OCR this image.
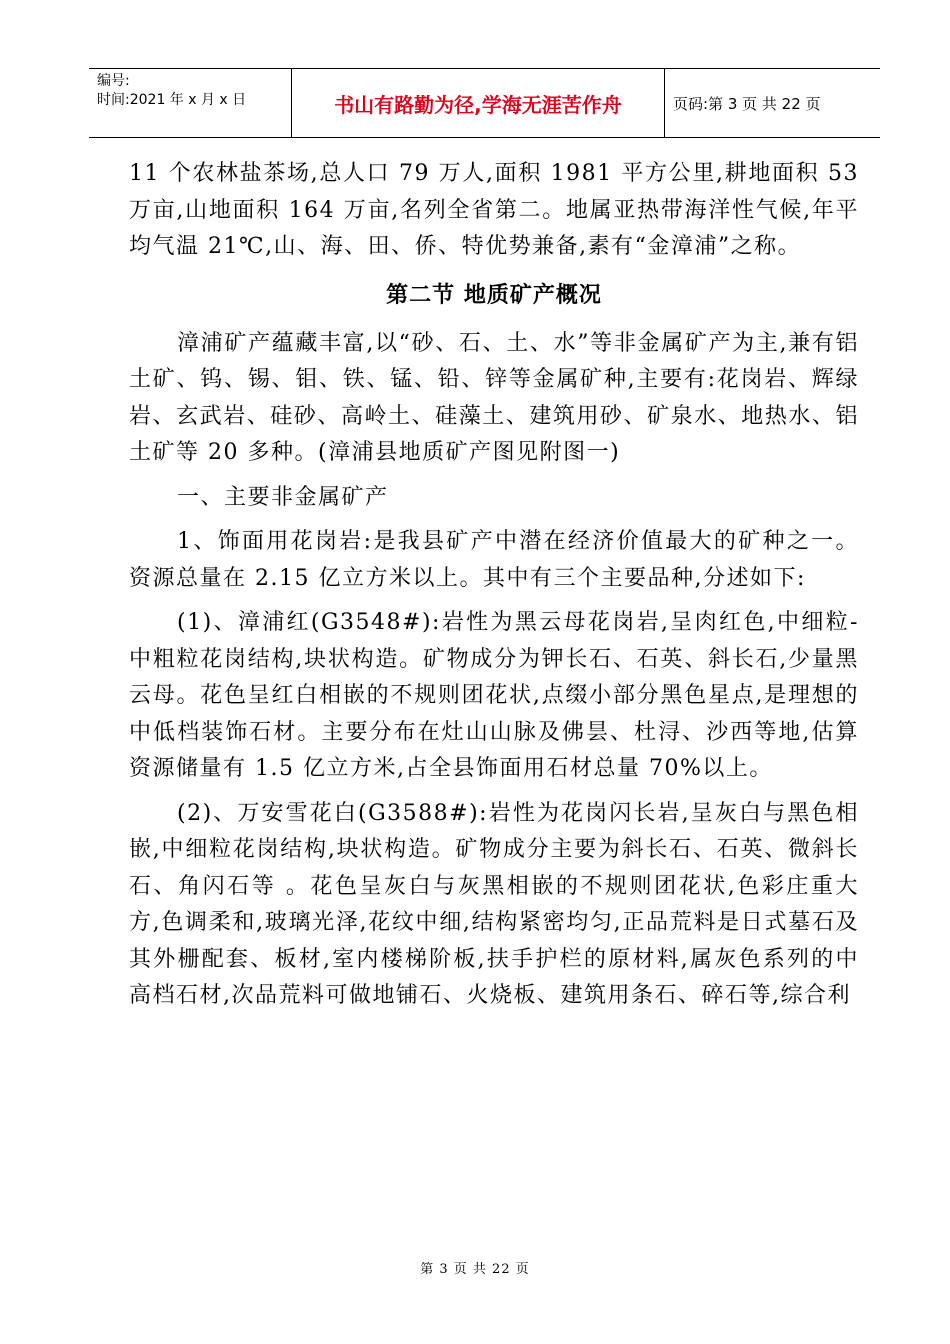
编号:
时间:2021 年 x 月 x 日	书山有路勤为径,学海无涯苦作舟	页码:第 3 页 共 22 页

11 个农林盐茶场,总人口 79 万人,面积 1981 平方公里,耕地面积 53 万亩,山地面积 164 万亩,名列全省第二。地属亚热带海洋性气候,年平均气温 21℃,山、海、田、侨、特优势兼备,素有“金漳浦”之称。

第二节 地质矿产概况

漳浦矿产蕴藏丰富,以“砂、石、土、水”等非金属矿产为主,兼有铝土矿、钨、锡、钼、铁、锰、铅、锌等金属矿种,主要有:花岗岩、辉绿岩、玄武岩、硅砂、高岭土、硅藻土、建筑用砂、矿泉水、地热水、铝土矿等 20 多种。(漳浦县地质矿产图见附图一)

一、主要非金属矿产

1、饰面用花岗岩:是我县矿产中潜在经济价值最大的矿种之一。资源总量在 2.15 亿立方米以上。其中有三个主要品种,分述如下:

(1)、漳浦红(G3548#):岩性为黑云母花岗岩,呈肉红色,中细粒-中粗粒花岗结构,块状构造。矿物成分为钾长石、石英、斜长石,少量黑云母。花色呈红白相嵌的不规则团花状,点缀小部分黑色星点,是理想的中低档装饰石材。主要分布在灶山山脉及佛昙、杜浔、沙西等地,估算资源储量有 1.5 亿立方米,占全县饰面用石材总量 70%以上。

(2)、万安雪花白(G3588#):岩性为花岗闪长岩,呈灰白与黑色相嵌,中细粒花岗结构,块状构造。矿物成分主要为斜长石、石英、微斜长石、角闪石等 。花色呈灰白与灰黑相嵌的不规则团花状,色彩庄重大方,色调柔和,玻璃光泽,花纹中细,结构紧密均匀,正品荒料是日式墓石及其外栅配套、板材,室内楼梯阶板,扶手护栏的原材料,属灰色系列的中高档石材,次品荒料可做地铺石、火烧板、建筑用条石、碎石等,综合利

第 3 页 共 22 页
